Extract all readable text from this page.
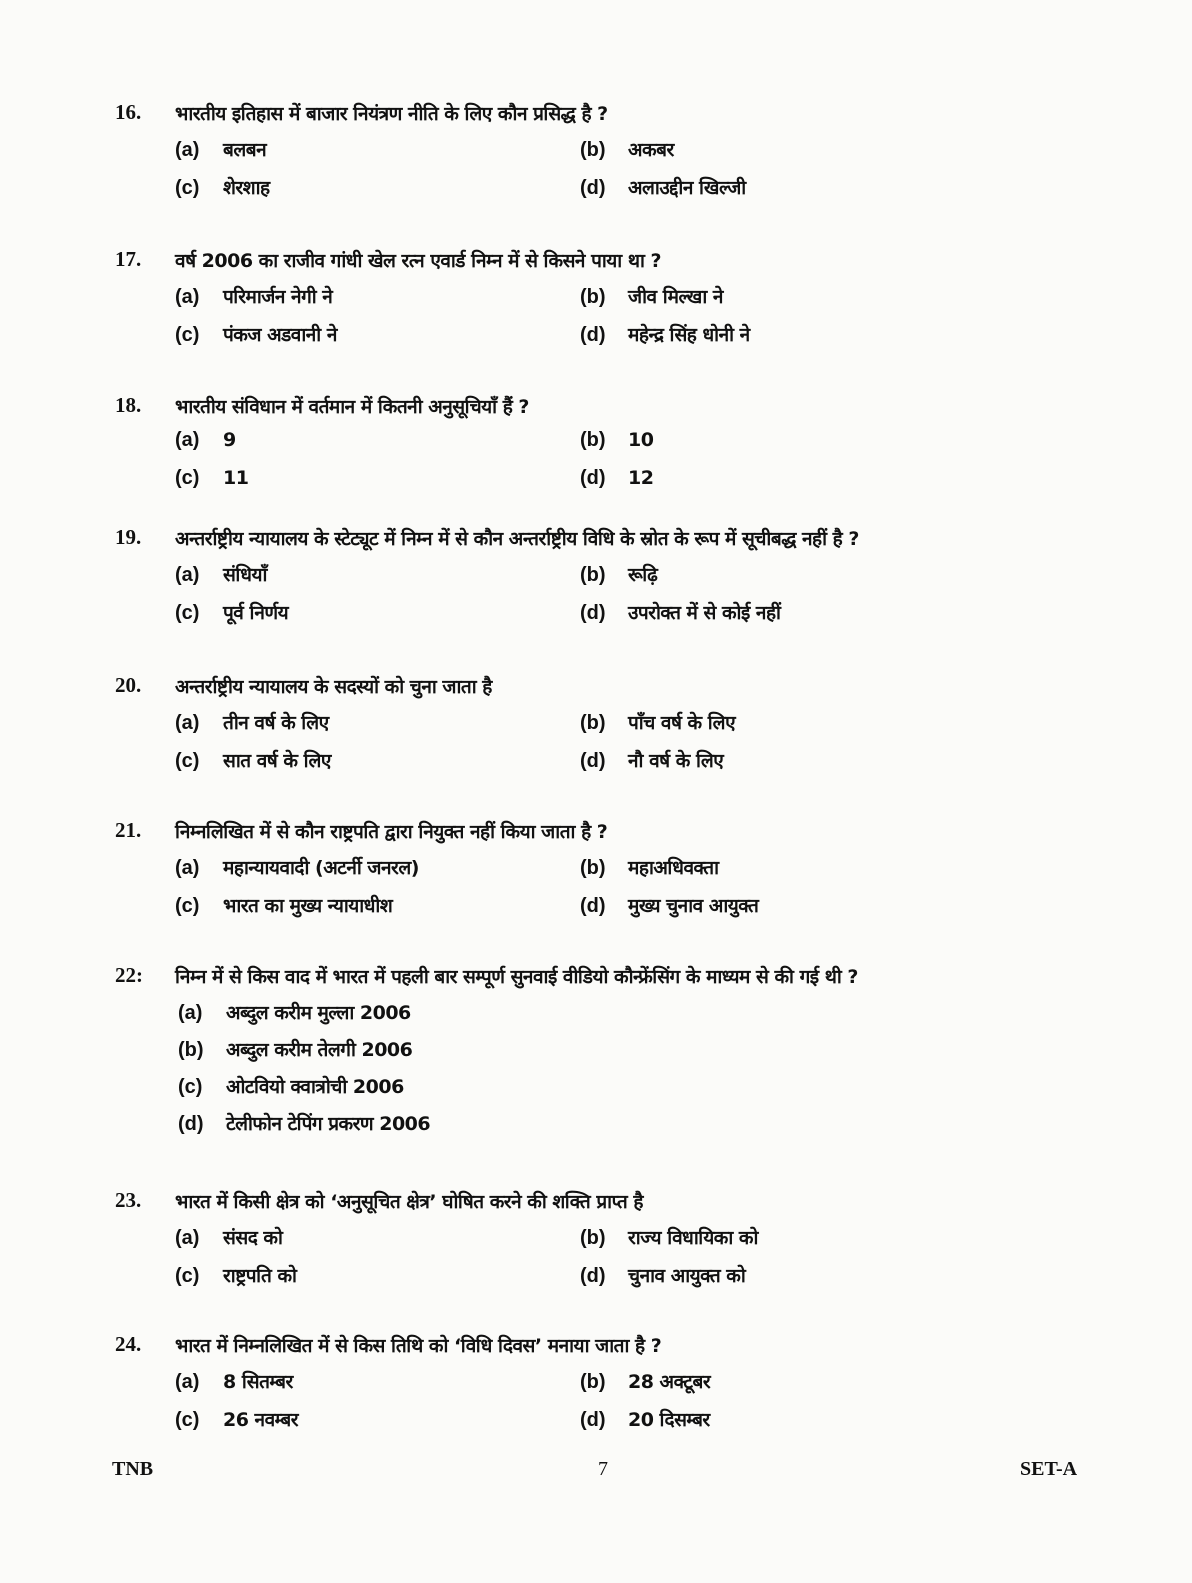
16. भारतीय इतिहास में बाजार नियंत्रण नीति के लिए कौन प्रसिद्ध है ?
(a) बलबन	(b) अकबर
(c) शेरशाह	(d) अलाउद्दीन खिल्जी
17. वर्ष 2006 का राजीव गांधी खेल रत्न एवार्ड निम्न में से किसने पाया था ?
(a) परिमार्जन नेगी ने	(b) जीव मिल्खा ने
(c) पंकज अडवानी ने	(d) महेन्द्र सिंह धोनी ने
18. भारतीय संविधान में वर्तमान में कितनी अनुसूचियाँ हैं ?
(a) 9	(b) 10
(c) 11	(d) 12
19. अन्तर्राष्ट्रीय न्यायालय के स्टेट्यूट में निम्न में से कौन अन्तर्राष्ट्रीय विधि के स्रोत के रूप में सूचीबद्ध नहीं है ?
(a) संधियाँ	(b) रूढ़ि
(c) पूर्व निर्णय	(d) उपरोक्त में से कोई नहीं
20. अन्तर्राष्ट्रीय न्यायालय के सदस्यों को चुना जाता है
(a) तीन वर्ष के लिए	(b) पाँच वर्ष के लिए
(c) सात वर्ष के लिए	(d) नौ वर्ष के लिए
21. निम्नलिखित में से कौन राष्ट्रपति द्वारा नियुक्त नहीं किया जाता है ?
(a) महान्यायवादी (अटर्नी जनरल)	(b) महाअधिवक्ता
(c) भारत का मुख्य न्यायाधीश	(d) मुख्य चुनाव आयुक्त
22: निम्न में से किस वाद में भारत में पहली बार सम्पूर्ण सुनवाई वीडियो कौन्फ्रेंसिंग के माध्यम से की गई थी ?
(a) अब्दुल करीम मुल्ला 2006
(b) अब्दुल करीम तेलगी 2006
(c) ओटवियो क्वात्रोची 2006
(d) टेलीफोन टेपिंग प्रकरण 2006
23. भारत में किसी क्षेत्र को ‘अनुसूचित क्षेत्र’ घोषित करने की शक्ति प्राप्त है
(a) संसद को	(b) राज्य विधायिका को
(c) राष्ट्रपति को	(d) चुनाव आयुक्त को
24. भारत में निम्नलिखित में से किस तिथि को ‘विधि दिवस’ मनाया जाता है ?
(a) 8 सितम्बर	(b) 28 अक्टूबर
(c) 26 नवम्बर	(d) 20 दिसम्बर
TNB	7	SET-A
